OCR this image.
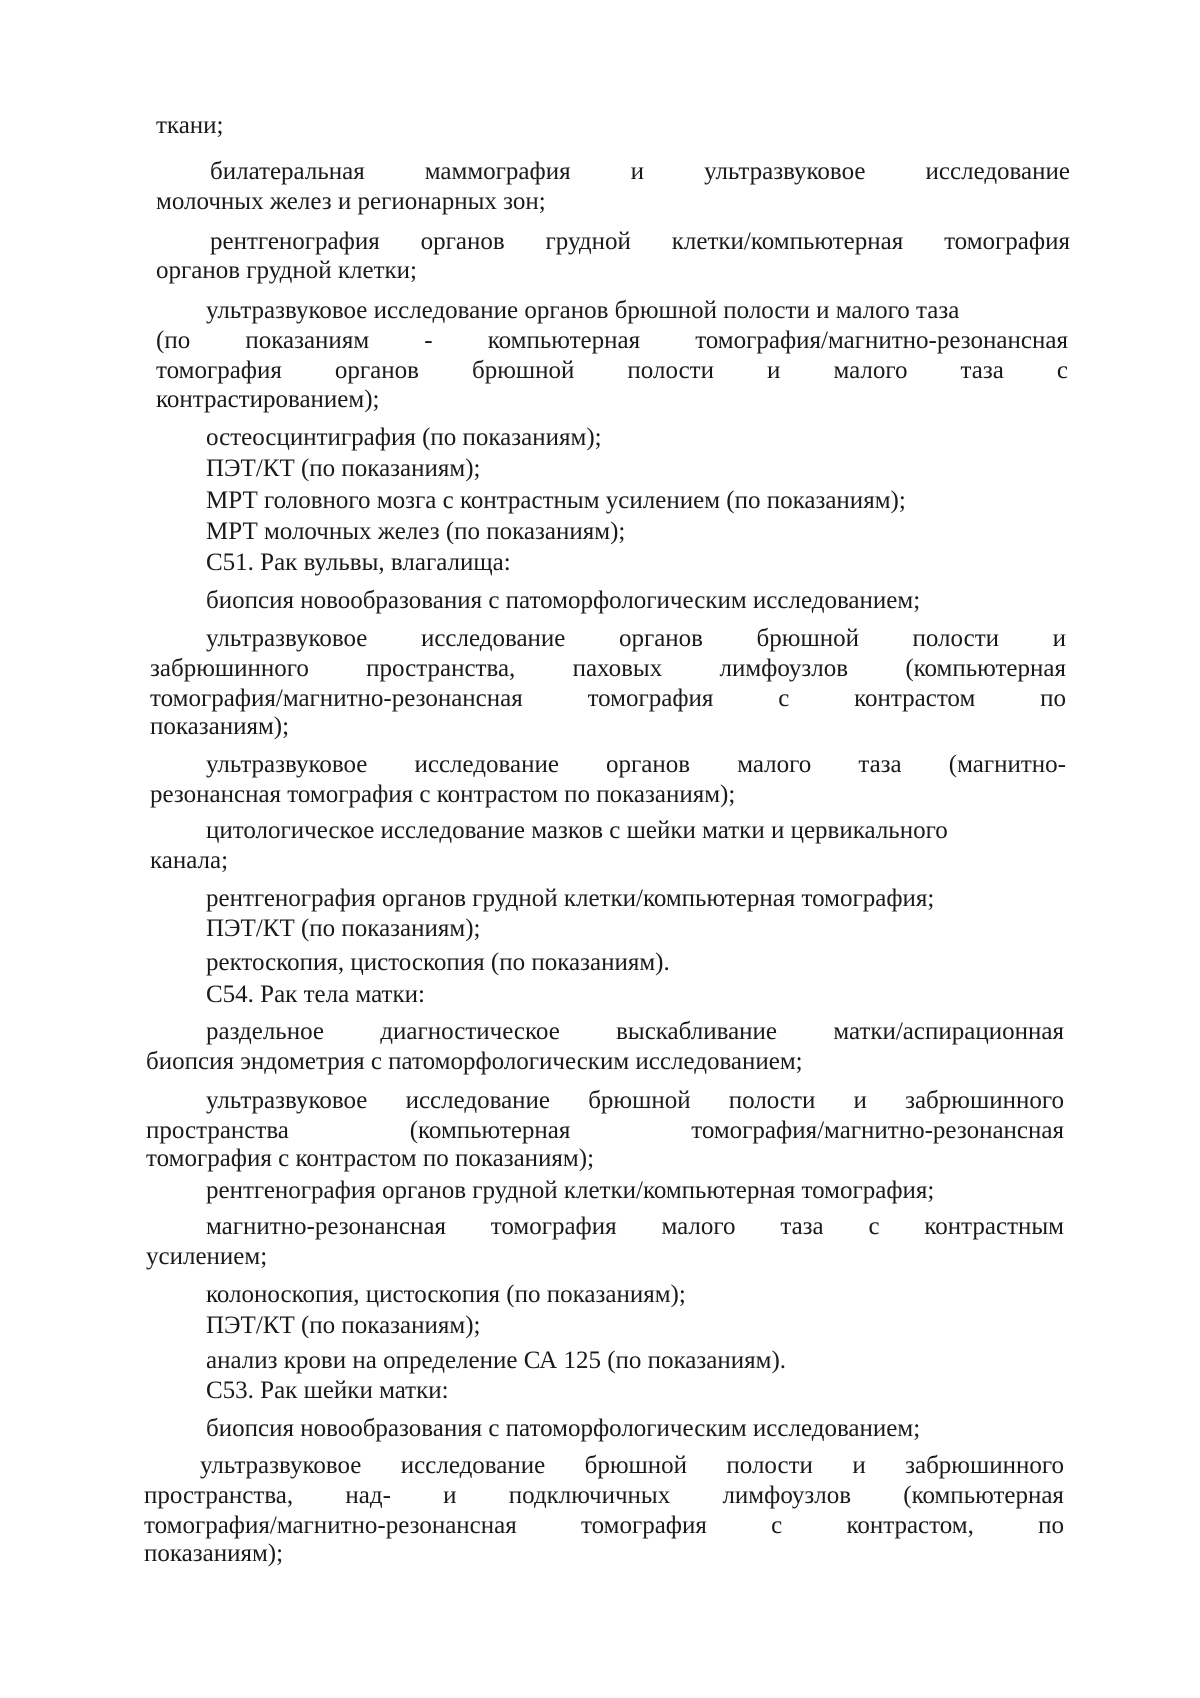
ткани;

билатеральная маммография и ультразвуковое исследование

молочных желез и регионарных зон;

рентгенография органов грудной клетки/компьютерная томография

органов грудной клетки;

ультразвуковое исследование органов брюшной полости и малого таза

(по показаниям - компьютерная томография/магнитно-резонансная

томография органов брюшной полости и малого таза с

контрастированием);

остеосцинтиграфия (по показаниям);

ПЭТ/КТ (по показаниям);

МРТ головного мозга с контрастным усилением (по показаниям);

МРТ молочных желез (по показаниям);

C51. Рак вульвы, влагалища:

биопсия новообразования с патоморфологическим исследованием;

ультразвуковое исследование органов брюшной полости и

забрюшинного пространства, паховых лимфоузлов (компьютерная

томография/магнитно-резонансная	томография	с	контрастом	по

показаниям);

ультразвуковое исследование органов малого таза (магнитно-

резонансная томография с контрастом по показаниям);

цитологическое исследование мазков с шейки матки и цервикального

канала;

рентгенография органов грудной клетки/компьютерная томография;

ПЭТ/КТ (по показаниям);

ректоскопия, цистоскопия (по показаниям).

C54. Рак тела матки:

раздельное диагностическое выскабливание матки/аспирационная

биопсия эндометрия с патоморфологическим исследованием;

ультразвуковое исследование брюшной полости и забрюшинного

пространства	(компьютерная	томография/магнитно-резонансная

томография с контрастом по показаниям);

рентгенография органов грудной клетки/компьютерная томография;

магнитно-резонансная томография малого таза с контрастным

усилением;

колоноскопия, цистоскопия (по показаниям);

ПЭТ/КТ (по показаниям);

анализ крови на определение СА 125 (по показаниям).

C53. Рак шейки матки:

биопсия новообразования с патоморфологическим исследованием;

ультразвуковое исследование брюшной полости и забрюшинного

пространства, над- и подключичных лимфоузлов (компьютерная

томография/магнитно-резонансная	томография	с	контрастом,	по

показаниям);
